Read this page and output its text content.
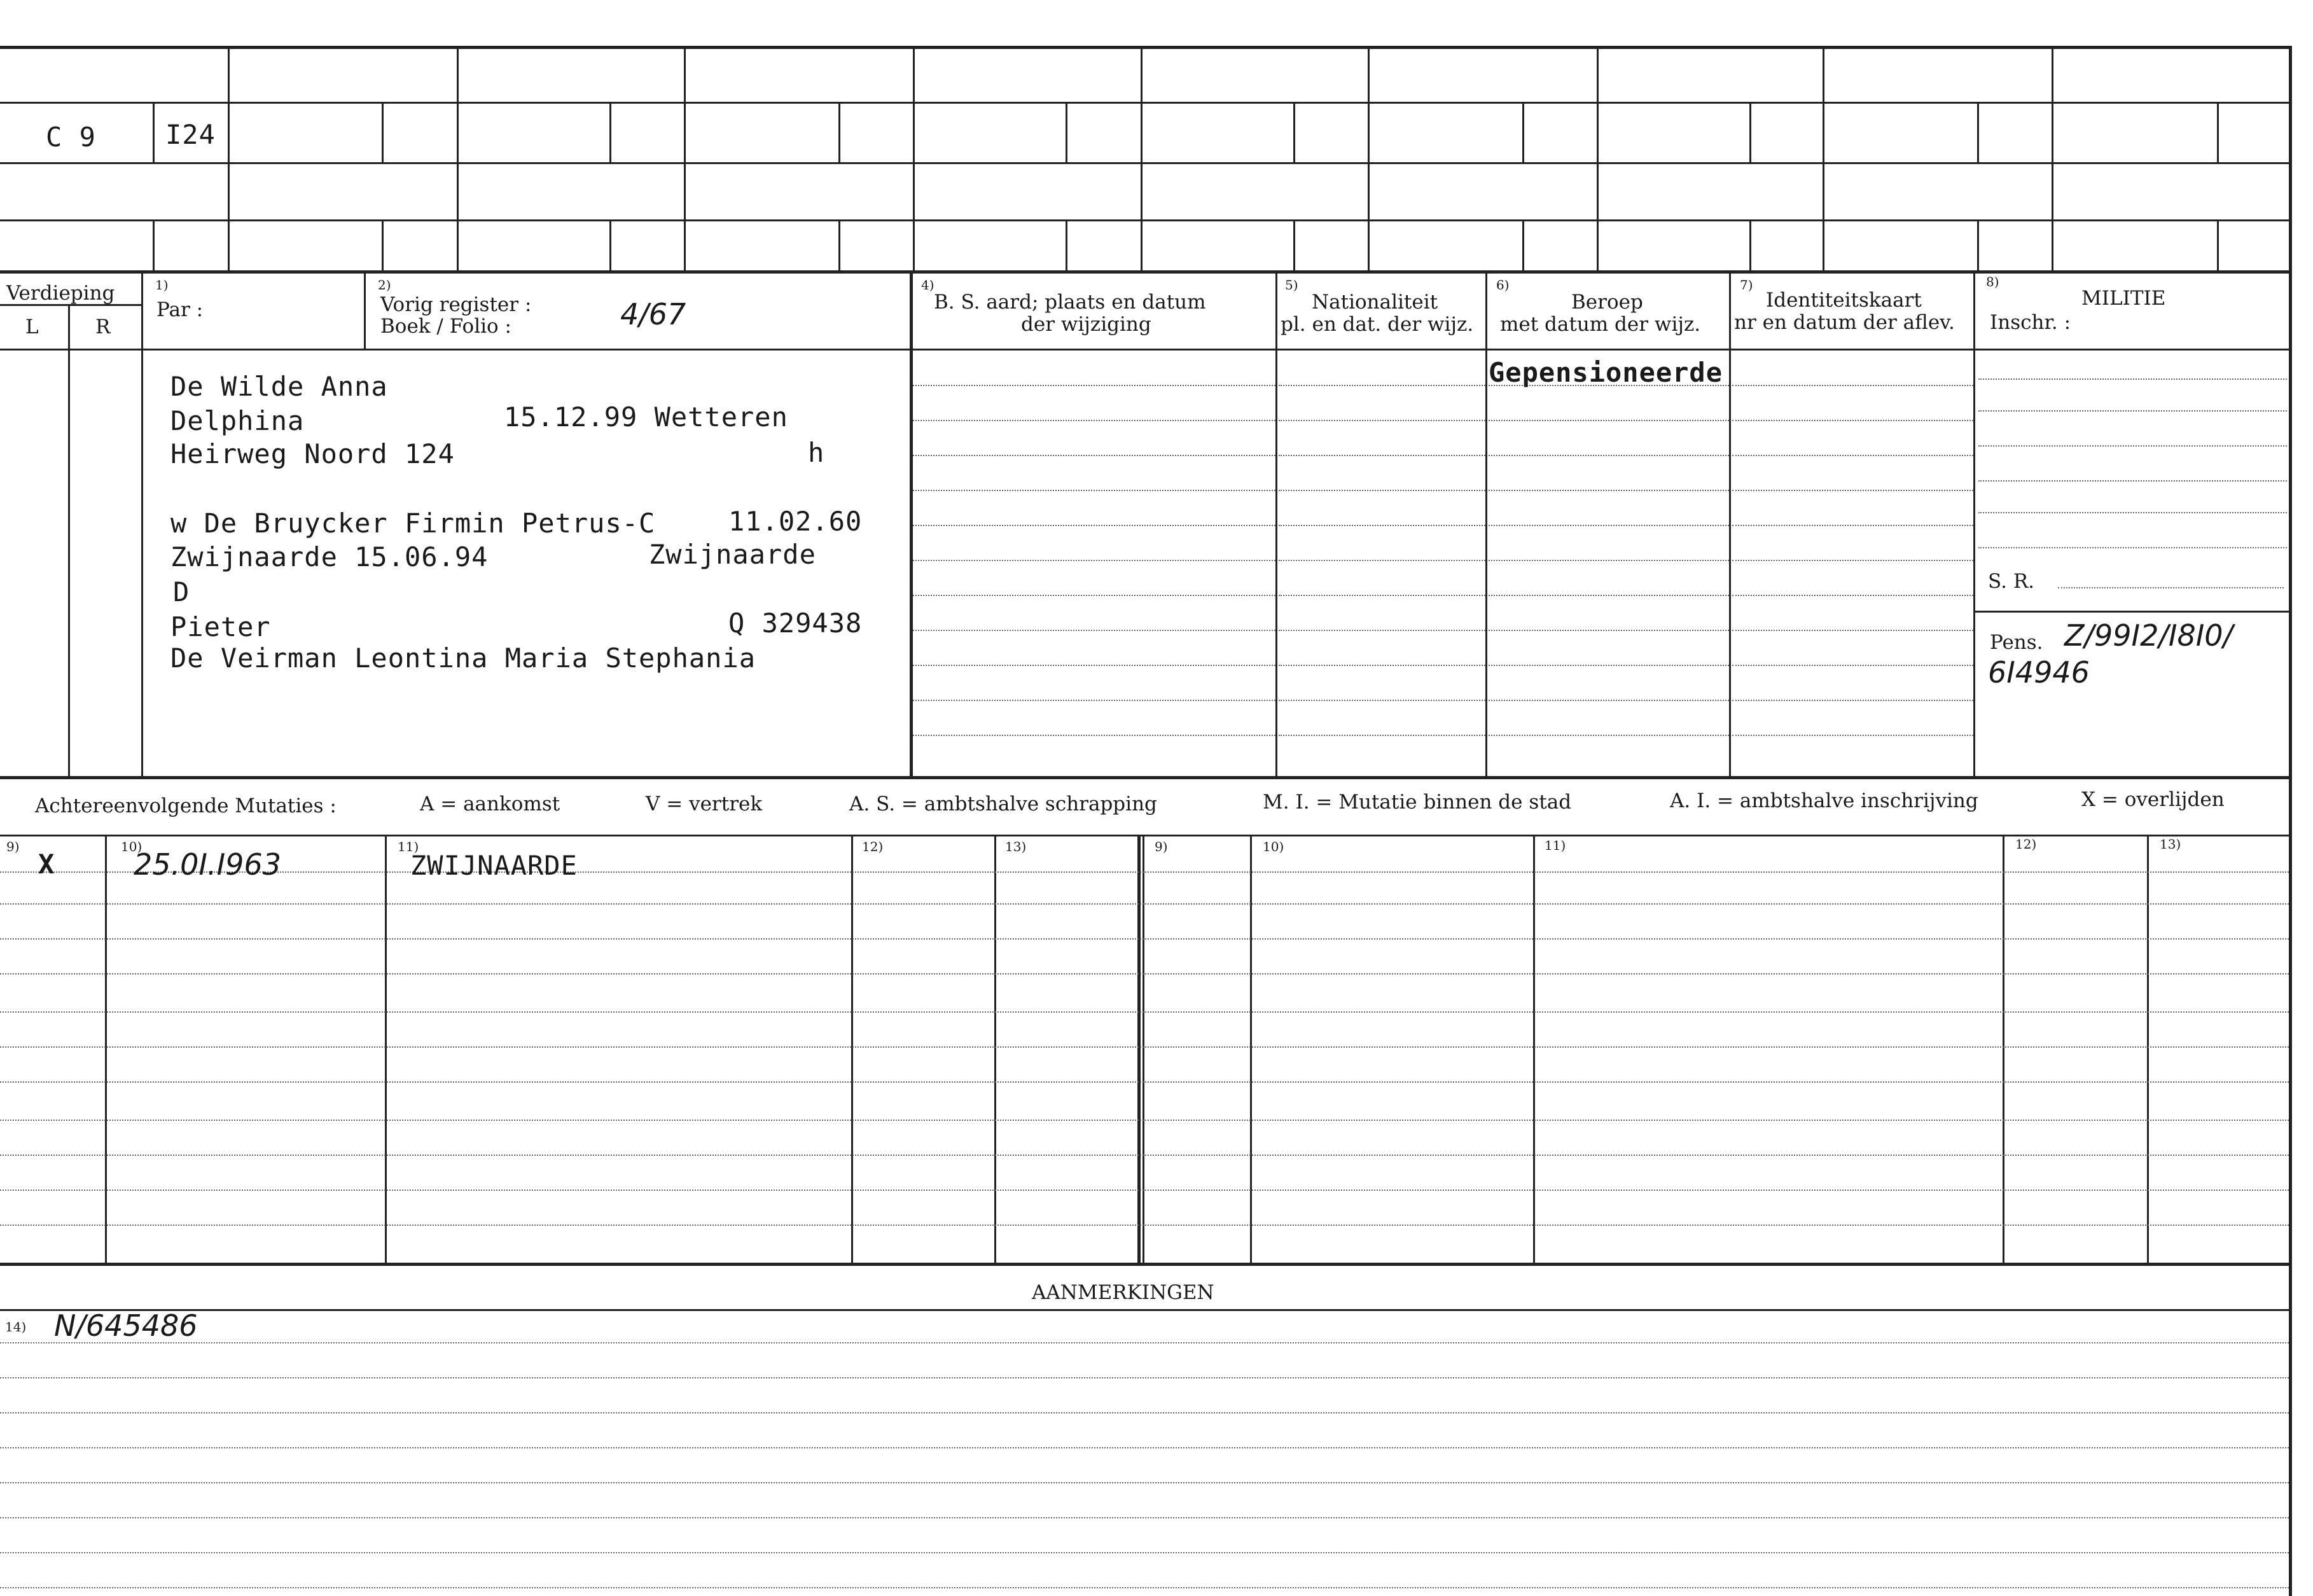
C 9	I24
Verdieping
L	R
1)
Par :
2)
Vorig register :
Boek / Folio :	4/67
4)
B. S. aard; plaats en datum
der wijziging
5)
Nationaliteit
pl. en dat. der wijz.
6)
Beroep
met datum der wijz.
7)
Identiteitskaart
nr en datum der aflev.
8)
MILITIE
Inschr. :
De Wilde Anna
Delphina	15.12.99 Wetteren
Heirweg Noord 124	h
w De Bruycker Firmin Petrus-C	11.02.60
Zwijnaarde 15.06.94	Zwijnaarde
D
Pieter	Q 329438
De Veirman Leontina Maria Stephania
Gepensioneerde
S. R.
Pens. Z/99I2/I8I0/
6I4946
Achtereenvolgende Mutaties :	A = aankomst	V = vertrek	A. S. = ambtshalve schrapping	M. I. = Mutatie binnen de stad	A. I. = ambtshalve inschrijving	X = overlijden
9)	10)	11)	12)	13)	9)	10)	11)	12)	13)
X	25.0I.I963	ZWIJNAARDE
AANMERKINGEN
14) N/645486
